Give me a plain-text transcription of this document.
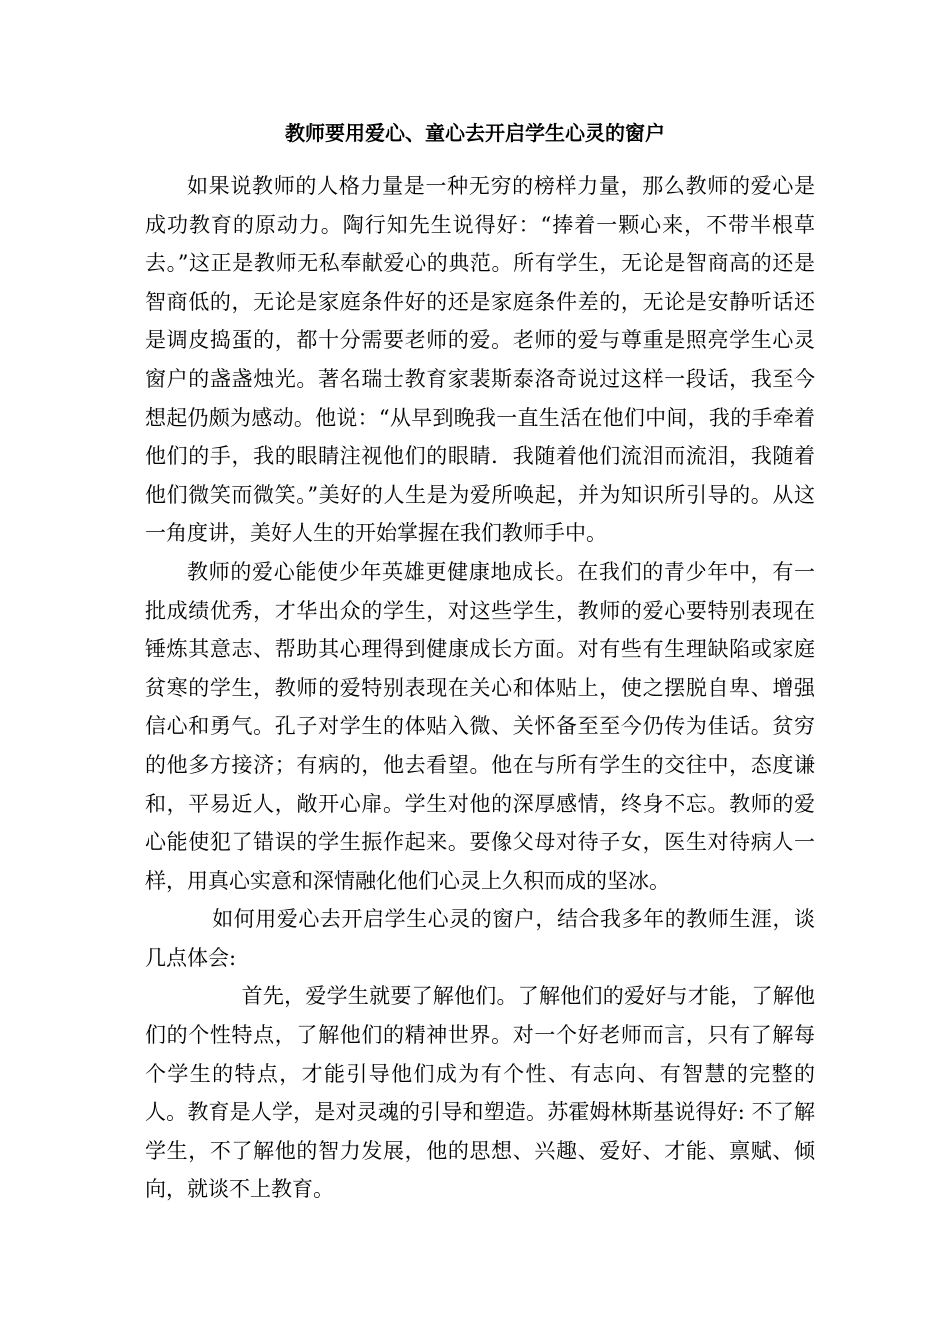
教师要用爱心、童心去开启学生心灵的窗户

如果说教师的人格力量是一种无穷的榜样力量，那么教师的爱心是成功教育的原动力。陶行知先生说得好：“捧着一颗心来，不带半根草去。”这正是教师无私奉献爱心的典范。所有学生，无论是智商高的还是智商低的，无论是家庭条件好的还是家庭条件差的，无论是安静听话还是调皮捣蛋的，都十分需要老师的爱。老师的爱与尊重是照亮学生心灵窗户的盏盏烛光。著名瑞士教育家裴斯泰洛奇说过这样一段话，我至今想起仍颇为感动。他说：“从早到晚我一直生活在他们中间，我的手牵着他们的手，我的眼睛注视他们的眼睛．我随着他们流泪而流泪，我随着他们微笑而微笑。”美好的人生是为爱所唤起，并为知识所引导的。从这一角度讲，美好人生的开始掌握在我们教师手中。

教师的爱心能使少年英雄更健康地成长。在我们的青少年中，有一批成绩优秀，才华出众的学生，对这些学生，教师的爱心要特别表现在锤炼其意志、帮助其心理得到健康成长方面。对有些有生理缺陷或家庭贫寒的学生，教师的爱特别表现在关心和体贴上，使之摆脱自卑、增强信心和勇气。孔子对学生的体贴入微、关怀备至至今仍传为佳话。贫穷的他多方接济；有病的，他去看望。他在与所有学生的交往中，态度谦和，平易近人，敞开心扉。学生对他的深厚感情，终身不忘。教师的爱心能使犯了错误的学生振作起来。要像父母对待子女，医生对待病人一样，用真心实意和深情融化他们心灵上久积而成的坚冰。

如何用爱心去开启学生心灵的窗户，结合我多年的教师生涯，谈几点体会:

首先，爱学生就要了解他们。了解他们的爱好与才能，了解他们的个性特点，了解他们的精神世界。对一个好老师而言，只有了解每个学生的特点，才能引导他们成为有个性、有志向、有智慧的完整的人。教育是人学，是对灵魂的引导和塑造。苏霍姆林斯基说得好: 不了解学生，不了解他的智力发展，他的思想、兴趣、爱好、才能、禀赋、倾向，就谈不上教育。
